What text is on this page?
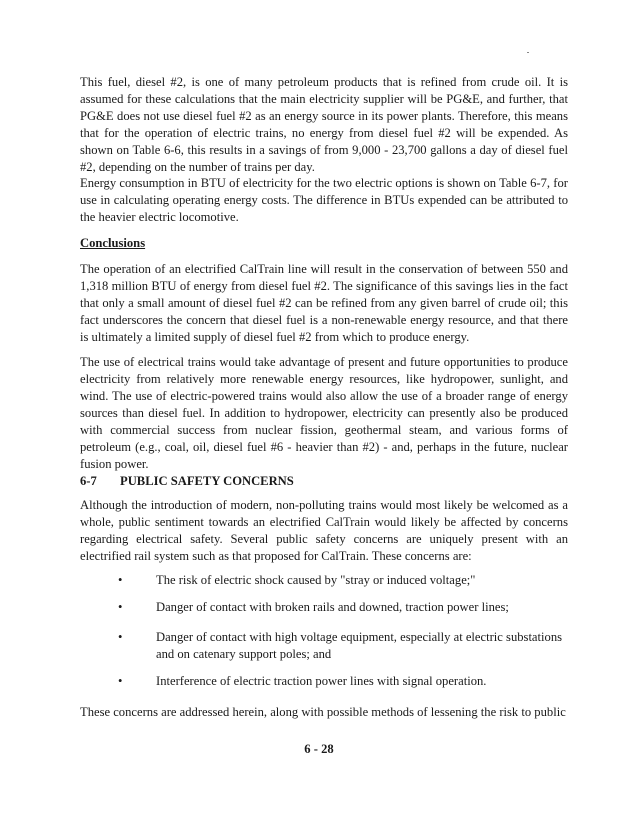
This fuel, diesel #2, is one of many petroleum products that is refined from crude oil. It is assumed for these calculations that the main electricity supplier will be PG&E, and further, that PG&E does not use diesel fuel #2 as an energy source in its power plants. Therefore, this means that for the operation of electric trains, no energy from diesel fuel #2 will be expended. As shown on Table 6-6, this results in a savings of from 9,000 - 23,700 gallons a day of diesel fuel #2, depending on the number of trains per day.

Energy consumption in BTU of electricity for the two electric options is shown on Table 6-7, for use in calculating operating energy costs. The difference in BTUs expended can be attributed to the heavier electric locomotive.

Conclusions

The operation of an electrified CalTrain line will result in the conservation of between 550 and 1,318 million BTU of energy from diesel fuel #2. The significance of this savings lies in the fact that only a small amount of diesel fuel #2 can be refined from any given barrel of crude oil; this fact underscores the concern that diesel fuel is a non-renewable energy resource, and that there is ultimately a limited supply of diesel fuel #2 from which to produce energy.

The use of electrical trains would take advantage of present and future opportunities to produce electricity from relatively more renewable energy resources, like hydropower, sunlight, and wind. The use of electric-powered trains would also allow the use of a broader range of energy sources than diesel fuel. In addition to hydropower, electricity can presently also be produced with commercial success from nuclear fission, geothermal steam, and various forms of petroleum (e.g., coal, oil, diesel fuel #6 - heavier than #2) - and, perhaps in the future, nuclear fusion power.

6-7 PUBLIC SAFETY CONCERNS

Although the introduction of modern, non-polluting trains would most likely be welcomed as a whole, public sentiment towards an electrified CalTrain would likely be affected by concerns regarding electrical safety. Several public safety concerns are uniquely present with an electrified rail system such as that proposed for CalTrain. These concerns are:

•	The risk of electric shock caused by "stray or induced voltage;"
•	Danger of contact with broken rails and downed, traction power lines;
•	Danger of contact with high voltage equipment, especially at electric substations and on catenary support poles; and
•	Interference of electric traction power lines with signal operation.

These concerns are addressed herein, along with possible methods of lessening the risk to public

6 - 28
